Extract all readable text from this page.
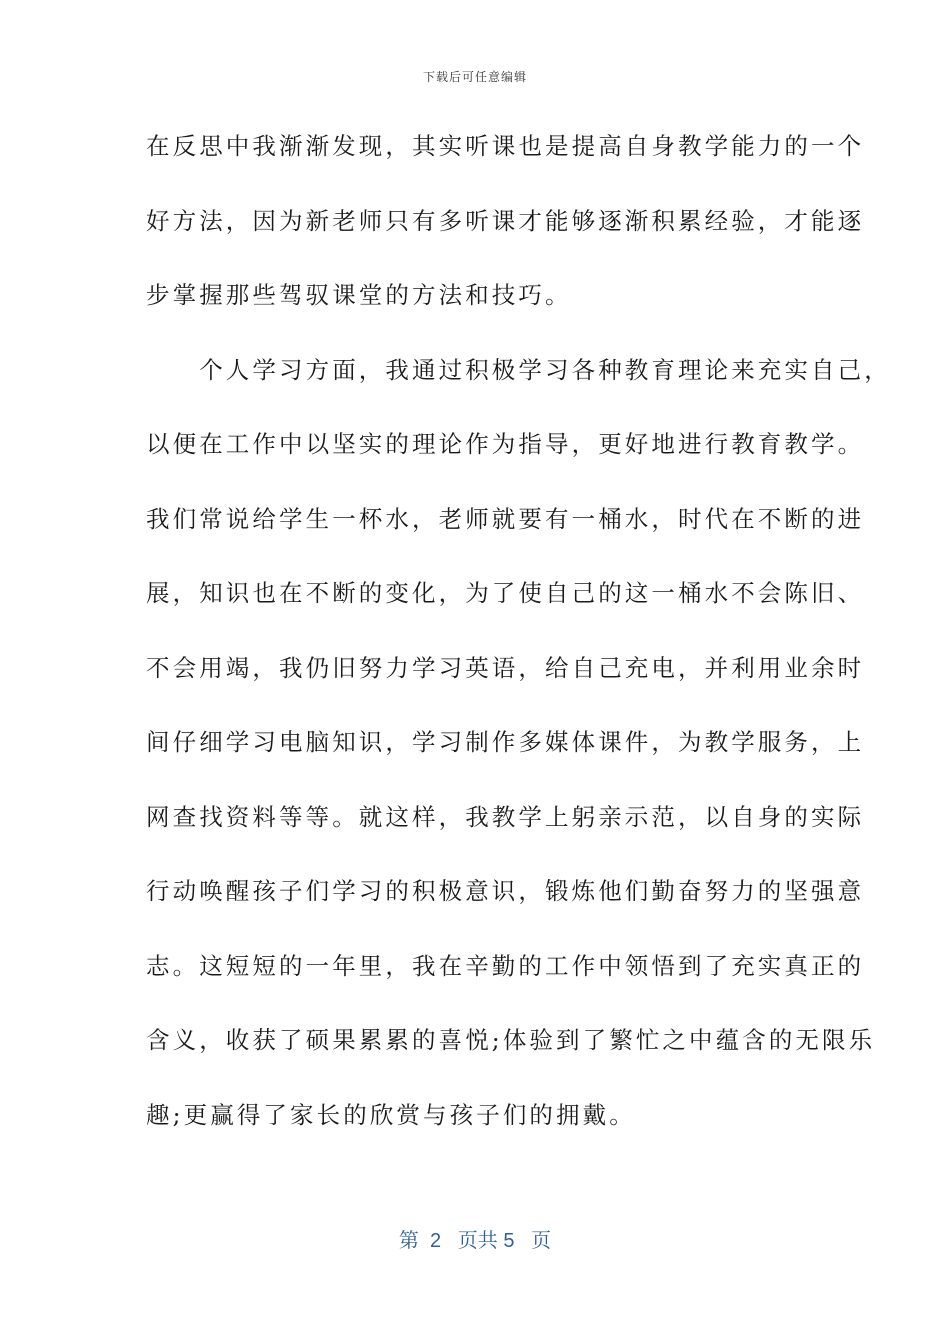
下载后可任意编辑
在反思中我渐渐发现，其实听课也是提高自身教学能力的一个
好方法，因为新老师只有多听课才能够逐渐积累经验，才能逐
步掌握那些驾驭课堂的方法和技巧。
　　个人学习方面，我通过积极学习各种教育理论来充实自己，
以便在工作中以坚实的理论作为指导，更好地进行教育教学。
我们常说给学生一杯水，老师就要有一桶水，时代在不断的进
展，知识也在不断的变化，为了使自己的这一桶水不会陈旧、
不会用竭，我仍旧努力学习英语，给自己充电，并利用业余时
间仔细学习电脑知识，学习制作多媒体课件，为教学服务，上
网查找资料等等。就这样，我教学上躬亲示范，以自身的实际
行动唤醒孩子们学习的积极意识，锻炼他们勤奋努力的坚强意
志。这短短的一年里，我在辛勤的工作中领悟到了充实真正的
含义，收获了硕果累累的喜悦;体验到了繁忙之中蕴含的无限乐
趣;更赢得了家长的欣赏与孩子们的拥戴。
第  2   页共 5   页
